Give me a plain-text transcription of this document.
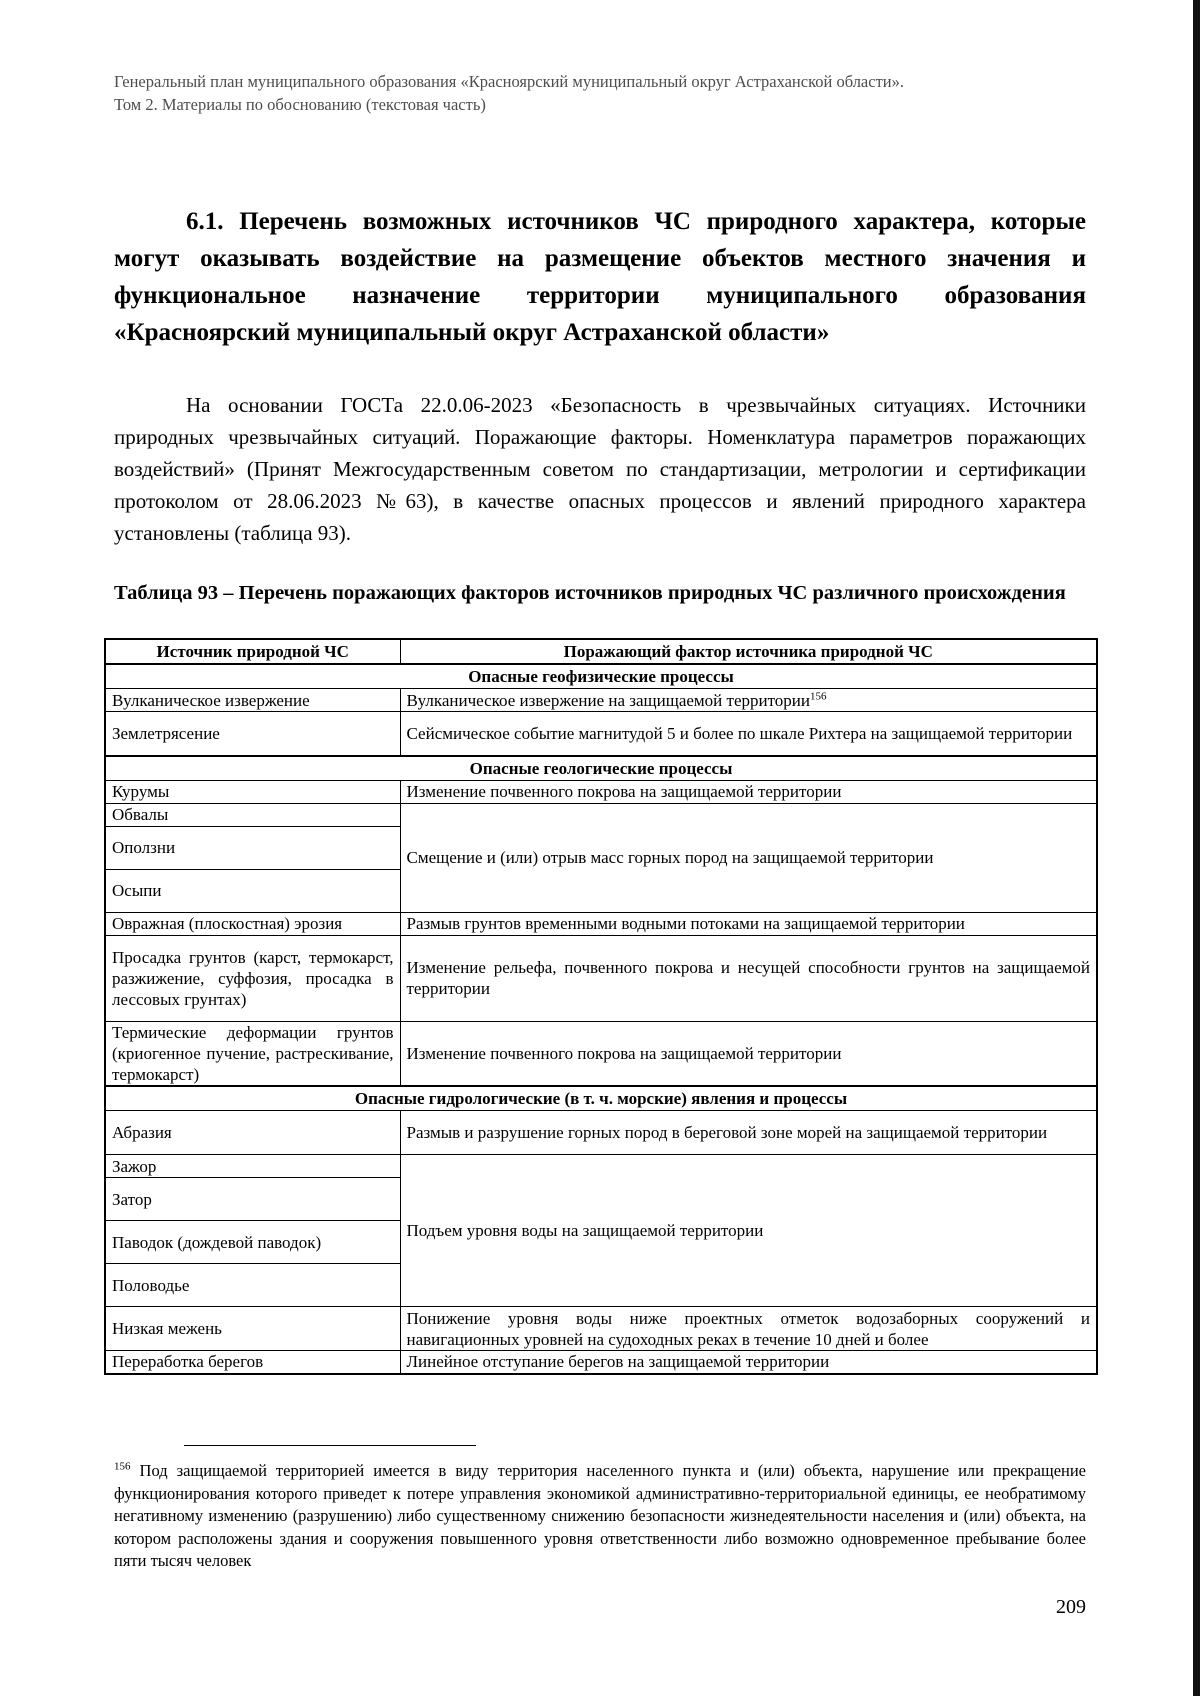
Генеральный план муниципального образования «Красноярский муниципальный округ Астраханской области».
Том 2. Материалы по обоснованию (текстовая часть)
6.1. Перечень возможных источников ЧС природного характера, которые могут оказывать воздействие на размещение объектов местного значения и функциональное назначение территории муниципального образования «Красноярский муниципальный округ Астраханской области»

На основании ГОСТа 22.0.06-2023 «Безопасность в чрезвычайных ситуациях. Источники природных чрезвычайных ситуаций. Поражающие факторы. Номенклатура параметров поражающих воздействий» (Принят Межгосударственным советом по стандартизации, метрологии и сертификации протоколом от 28.06.2023 №63), в качестве опасных процессов и явлений природного характера установлены (таблица 93).

Таблица 93 – Перечень поражающих факторов источников природных ЧС различного происхождения

Источник природной ЧС	Поражающий фактор источника природной ЧС
Опасные геофизические процессы	
Вулканическое извержение	Вулканическое извержение на защищаемой территории$^{156}$
Землетрясение	Сейсмическое событие магнитудой 5 и более по шкале Рихтера на защищаемой территории
Опасные геологические процессы	
Курумы	Изменение почвенного покрова на защищаемой территории
Обвалы	Смещение и (или) отрыв масс горных пород на защищаемой территории
Оползни	
Осыпи	
Овражная (плоскостная) эрозия	Размыв грунтов временными водными потоками на защищаемой территории
Просадка грунтов (карст, термокарст, разжижение, суффозия, просадка в лессовых грунтах)	Изменение рельефа, почвенного покрова и несущей способности грунтов на защищаемой территории
Термические деформации грунтов (криогенное пучение, растрескивание, термокарст)	Изменение почвенного покрова на защищаемой территории
Опасные гидрологические (в т. ч. морские) явления и процессы	
Абразия	Размыв и разрушение горных пород в береговой зоне морей на защищаемой территории
Зажор	Подъем уровня воды на защищаемой территории
Затор	
Паводок (дождевой паводок)	
Половодье	
Низкая межень	Понижение уровня воды ниже проектных отметок водозаборных сооружений и навигационных уровней на судоходных реках в течение 10 дней и более
Переработка берегов	Линейное отступание берегов на защищаемой территории

$^{156}$ Под защищаемой территорией имеется в виду территория населенного пункта и (или) объекта, нарушение или прекращение функционирования которого приведет к потере управления экономикой административно-территориальной единицы, ее необратимому негативному изменению (разрушению) либо существенному снижению безопасности жизнедеятельности населения и (или) объекта, на котором расположены здания и сооружения повышенного уровня ответственности либо возможно одновременное пребывание более пяти тысяч человек

209
